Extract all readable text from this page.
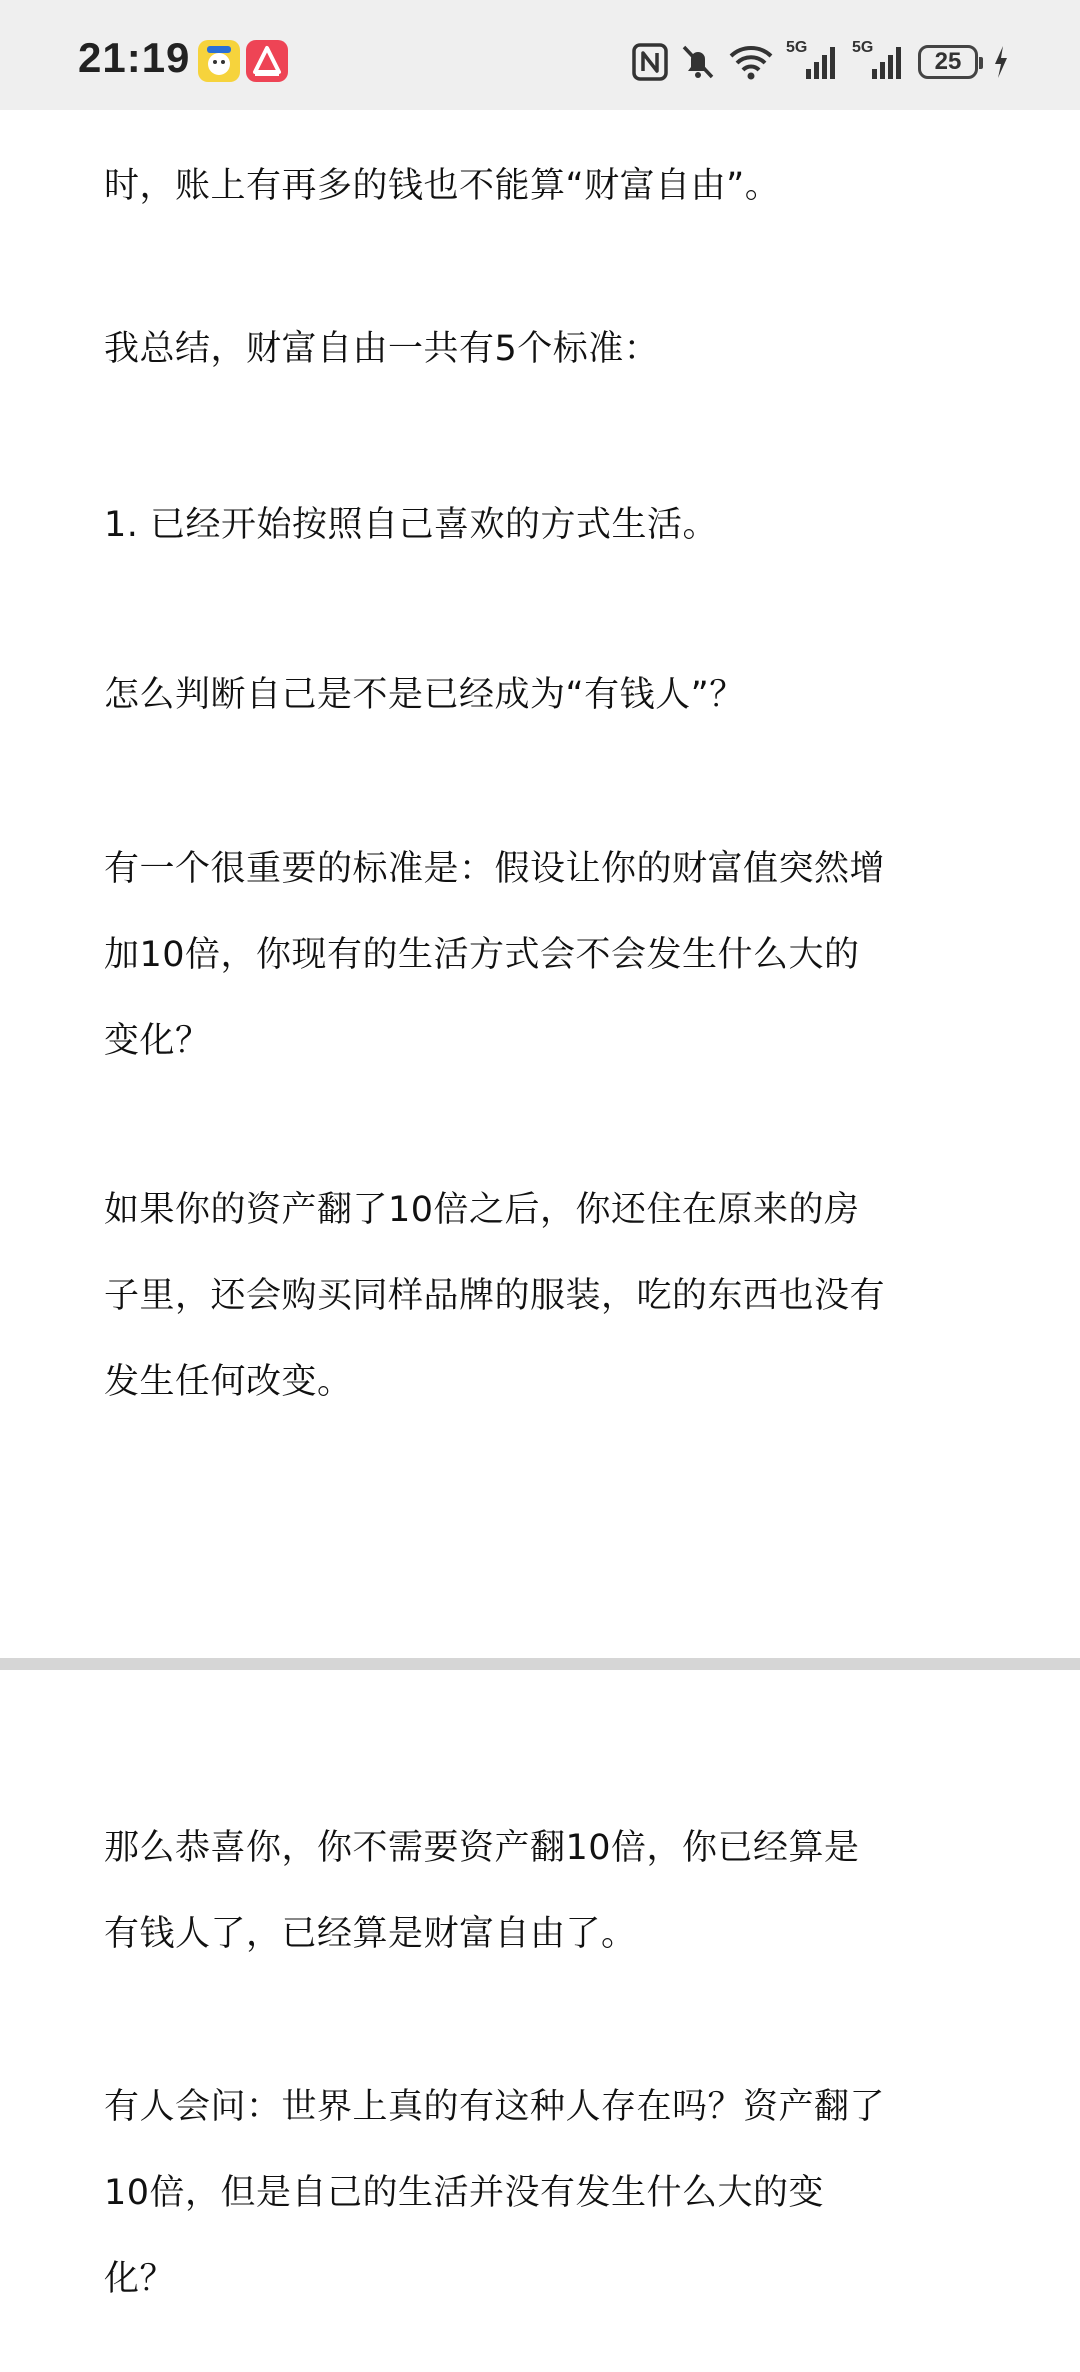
21:19	5G	5G
25
时，账上有再多的钱也不能算“财富自由”。

我总结，财富自由一共有5个标准：

1. 已经开始按照自己喜欢的方式生活。

怎么判断自己是不是已经成为“有钱人”？

有一个很重要的标准是：假设让你的财富值突然增
加10倍，你现有的生活方式会不会发生什么大的
变化？
如果你的资产翻了10倍之后，你还住在原来的房
子里，还会购买同样品牌的服装，吃的东西也没有
发生任何改变。
那么恭喜你，你不需要资产翻10倍，你已经算是
有钱人了，已经算是财富自由了。
有人会问：世界上真的有这种人存在吗？资产翻了
10倍，但是自己的生活并没有发生什么大的变
化？
